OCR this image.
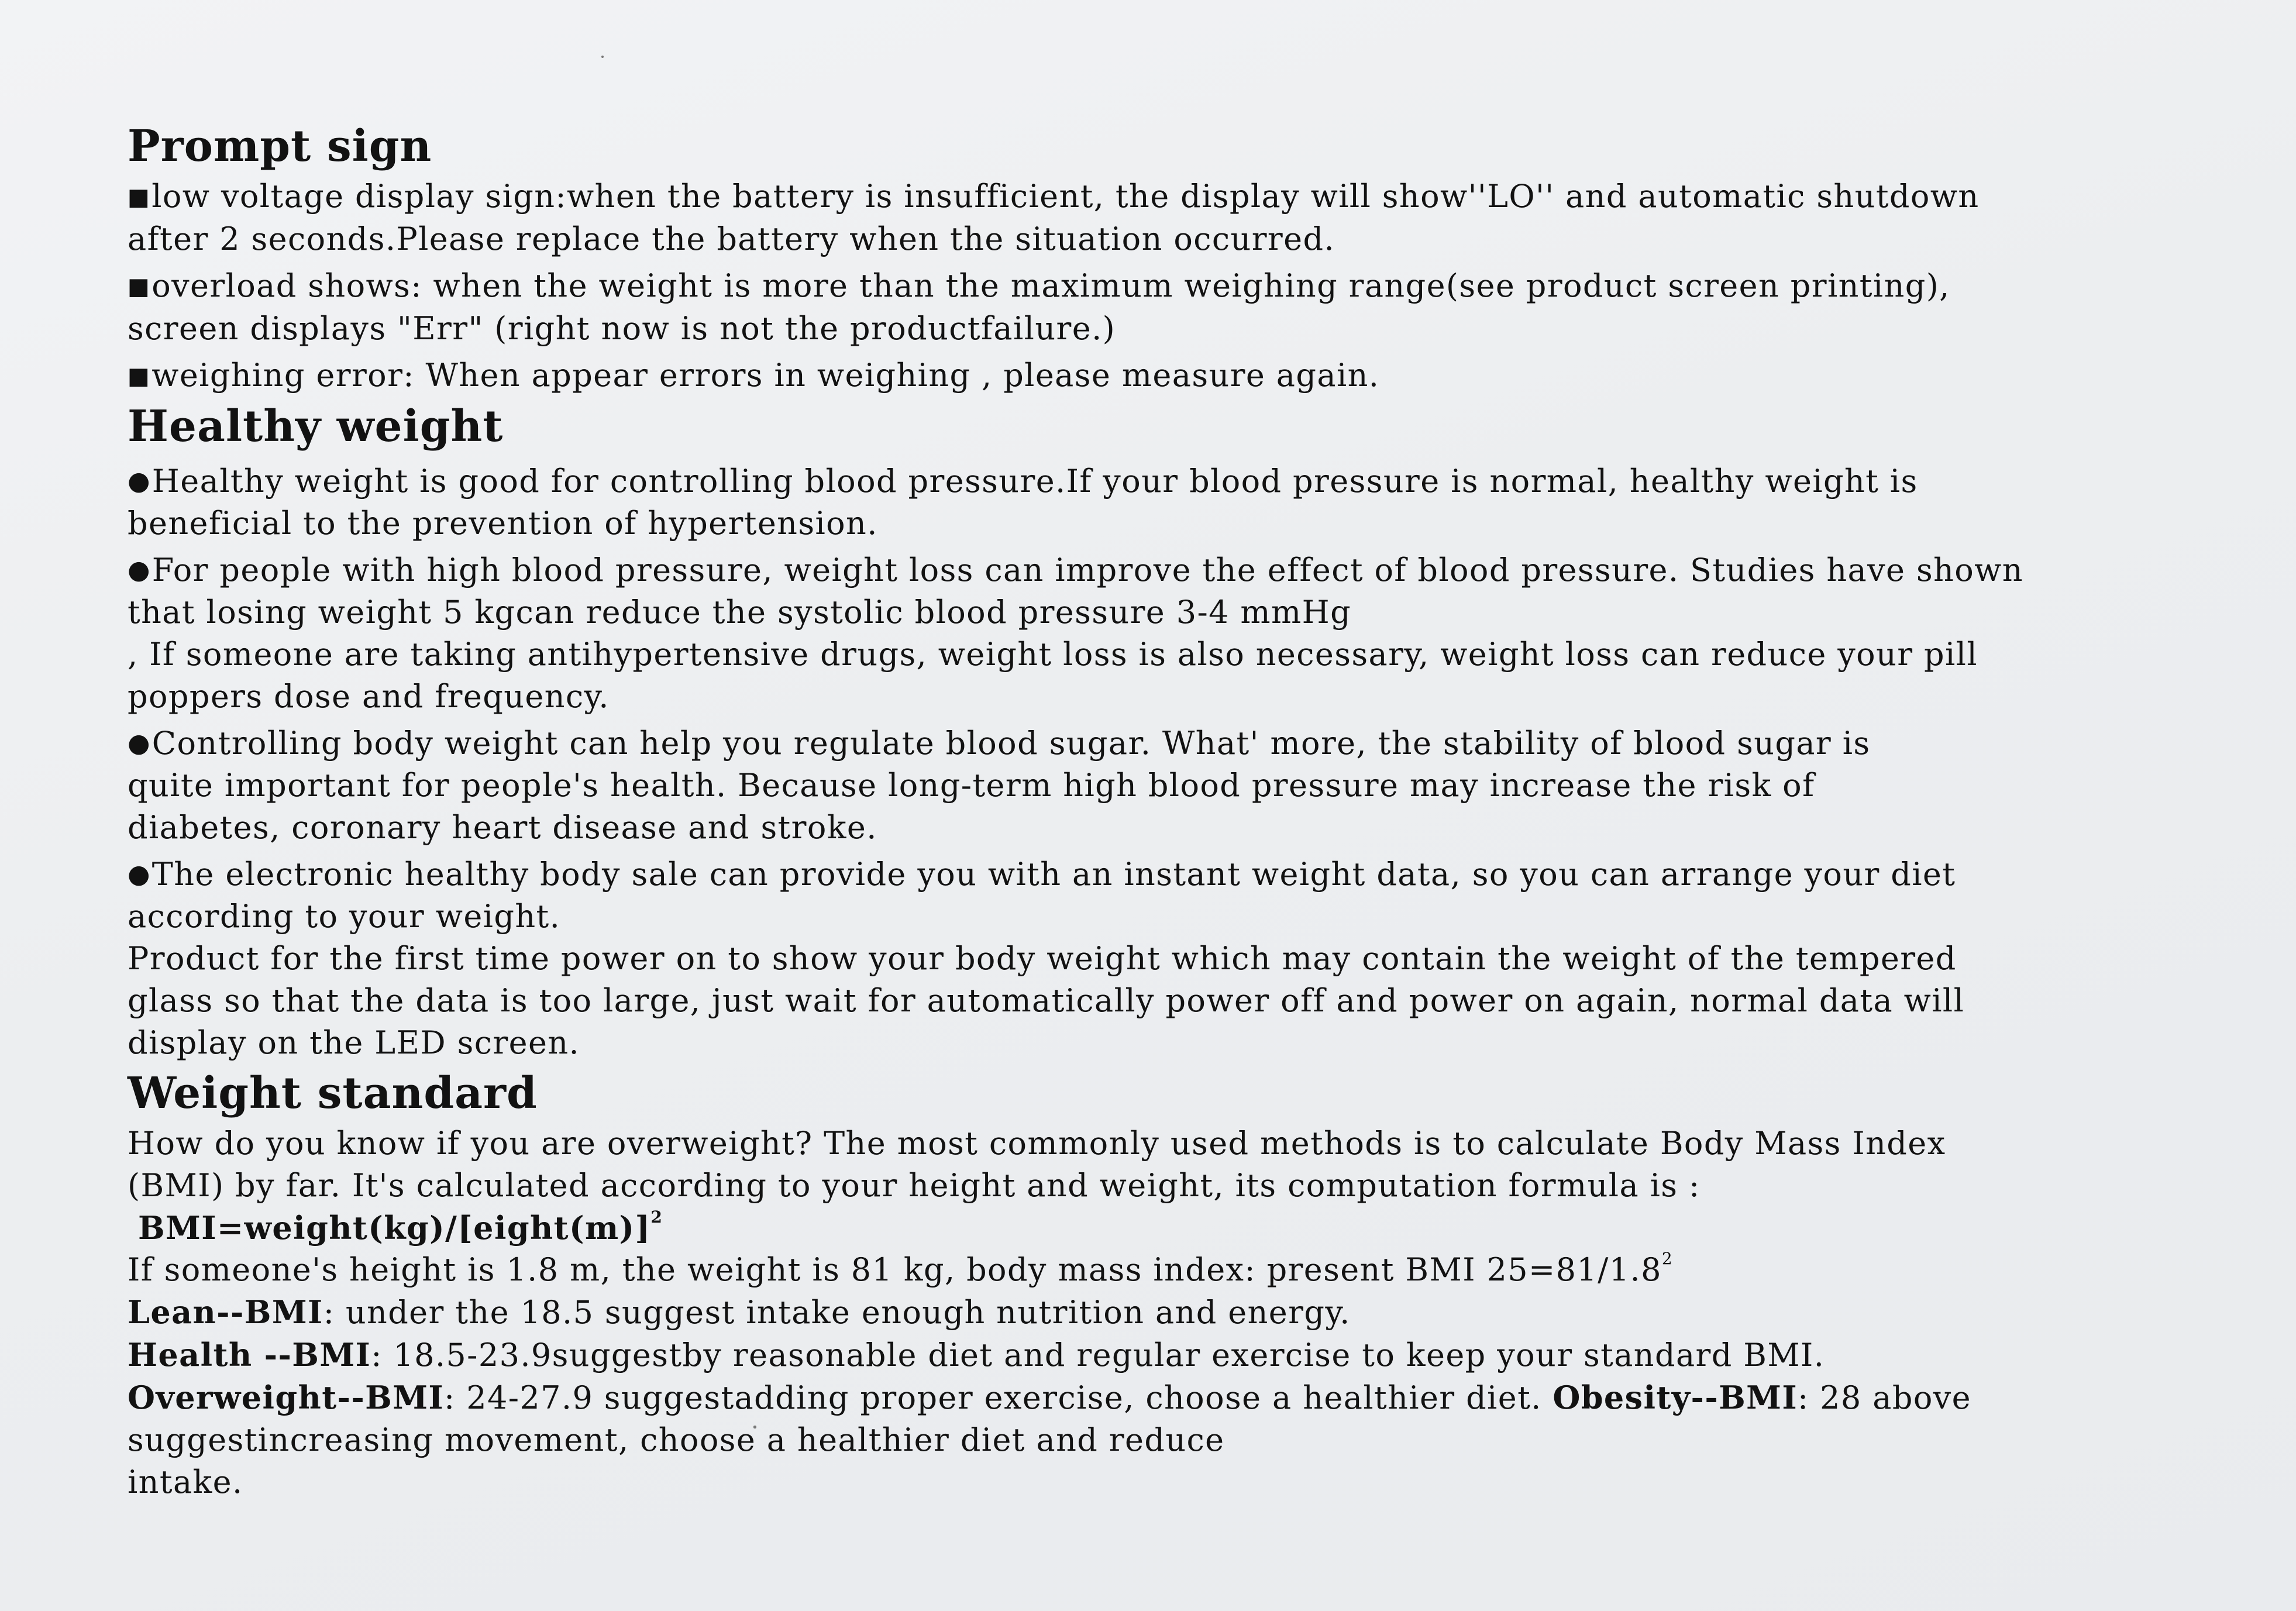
Prompt sign

■ low voltage display sign:when the battery is insufficient, the display will show''LO'' and automatic shutdown
after 2 seconds.Please replace the battery when the situation occurred.

■ overload shows: when the weight is more than the maximum weighing range(see product screen printing),
screen displays "Err" (right now is not the productfailure.)

■ weighing error: When appear errors in weighing , please measure again.

Healthy weight

● Healthy weight is good for controlling blood pressure.If your blood pressure is normal, healthy weight is
beneficial to the prevention of hypertension.

● For people with high blood pressure, weight loss can improve the effect of blood pressure. Studies have shown
that losing weight 5 kgcan reduce the systolic blood pressure 3-4 mmHg

, If someone are taking antihypertensive drugs, weight loss is also necessary, weight loss can reduce your pill
poppers dose and frequency.

● Controlling body weight can help you regulate blood sugar. What' more, the stability of blood sugar is
quite important for people's health. Because long-term high blood pressure may increase the risk of
diabetes, coronary heart disease and stroke.

● The electronic healthy body sale can provide you with an instant weight data, so you can arrange your diet
according to your weight.

Product for the first time power on to show your body weight which may contain the weight of the tempered
glass so that the data is too large, just wait for automatically power off and power on again, normal data will
display on the LED screen.

Weight standard

How do you know if you are overweight? The most commonly used methods is to calculate Body Mass Index
(BMI) by far. It's calculated according to your height and weight, its computation formula is :

BMI=weight(kg)/[eight(m)]$^2$

If someone's height is 1.8 m, the weight is 81 kg, body mass index: present BMI $25=81/1.8^2$

Lean--BMI: under the 18.5 suggest intake enough nutrition and energy.

Health --BMI: 18.5-23.9suggestby reasonable diet and regular exercise to keep your standard BMI.

Overweight--BMI: 24-27.9 suggestadding proper exercise, choose a healthier diet. Obesity--BMI: 28 above
suggestincreasing movement, choose a healthier diet and reduce
intake.
